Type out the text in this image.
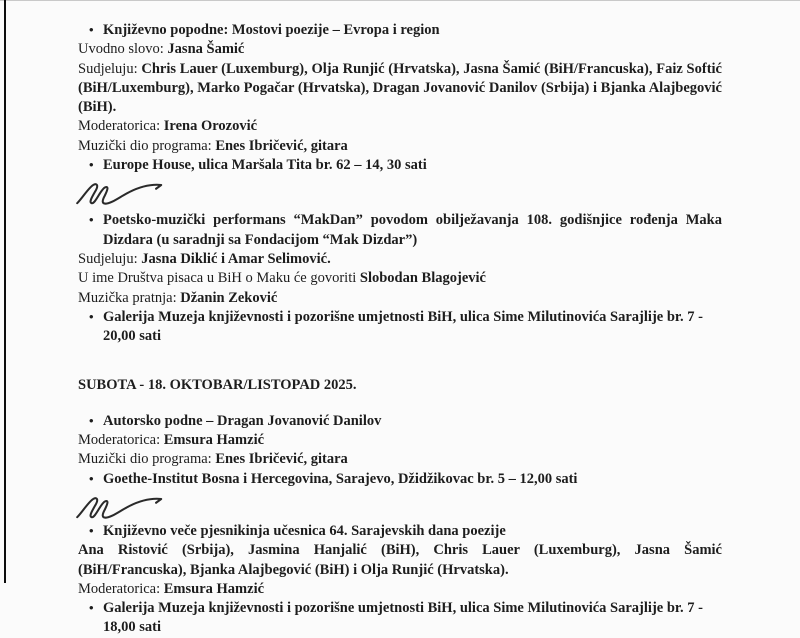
• Književno popodne: Mostovi poezije – Evropa i region

Uvodno slovo: Jasna Šamić

Sudjeluju: Chris Lauer (Luxemburg), Olja Runjić (Hrvatska), Jasna Šamić (BiH/Francuska), Faiz Softić (BiH/Luxemburg), Marko Pogačar (Hrvatska), Dragan Jovanović Danilov (Srbija) i Bjanka Alajbegović (BiH).

Moderatorica: Irena Orozović

Muzički dio programa: Enes Ibričević, gitara

• Europe House, ulica Maršala Tita br. 62 – 14, 30 sati

• Poetsko-muzički performans “MakDan” povodom obilježavanja 108. godišnjice rođenja Maka Dizdara (u saradnji sa Fondacijom “Mak Dizdar”)

Sudjeluju: Jasna Diklić i Amar Selimović.

U ime Društva pisaca u BiH o Maku će govoriti Slobodan Blagojević

Muzička pratnja: Džanin Zeković

• Galerija Muzeja književnosti i pozorišne umjetnosti BiH, ulica Sime Milutinovića Sarajlije br. 7 - 20,00 sati

SUBOTA - 18. OKTOBAR/LISTOPAD 2025.

• Autorsko podne – Dragan Jovanović Danilov

Moderatorica: Emsura Hamzić

Muzički dio programa: Enes Ibričević, gitara

• Goethe-Institut Bosna i Hercegovina, Sarajevo, Džidžikovac br. 5 – 12,00 sati

• Književno veče pjesnikinja učesnica 64. Sarajevskih dana poezije

Ana Ristović (Srbija), Jasmina Hanjalić (BiH), Chris Lauer (Luxemburg), Jasna Šamić (BiH/Francuska), Bjanka Alajbegović (BiH) i Olja Runjić (Hrvatska).

Moderatorica: Emsura Hamzić

• Galerija Muzeja književnosti i pozorišne umjetnosti BiH, ulica Sime Milutinovića Sarajlije br. 7 - 18,00 sati
